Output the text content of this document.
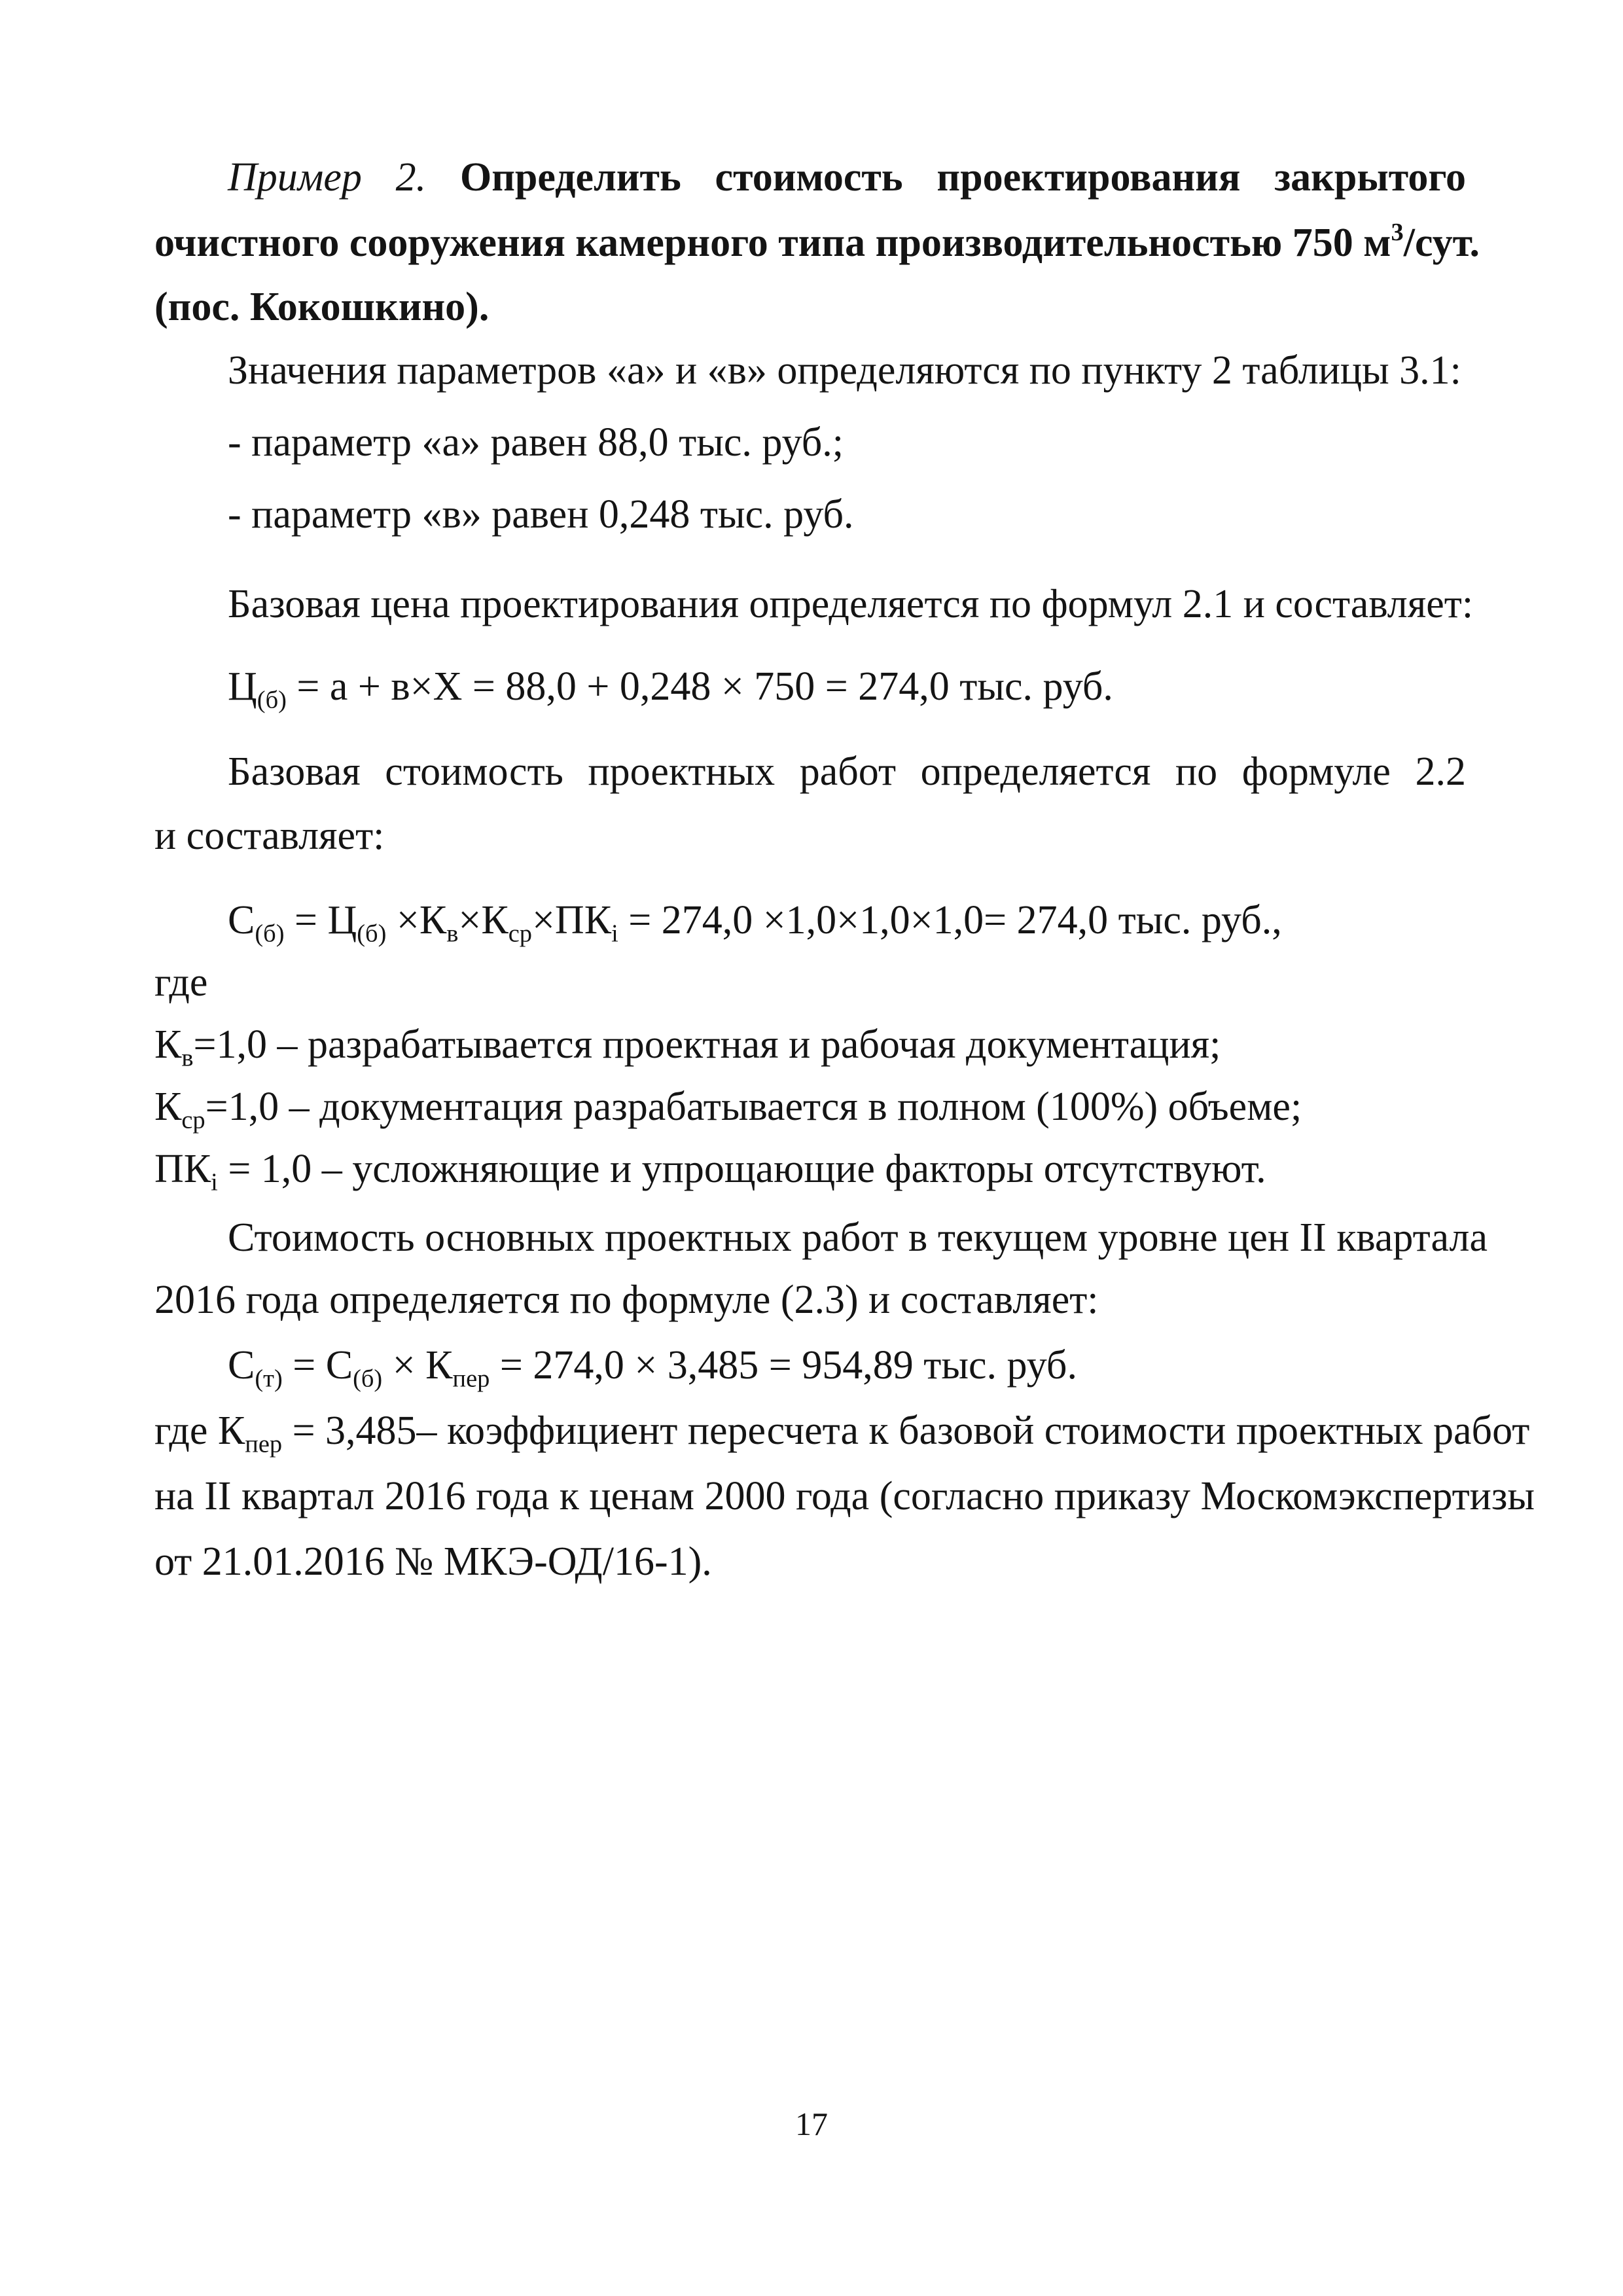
Пример 2. Определить стоимость проектирования закрытого
очистного сооружения камерного типа производительностью 750 $м^3$/сут.
(пос. Кокошкино).
Значения параметров «а» и «в» определяются по пункту 2 таблицы 3.1:
- параметр «а» равен 88,0 тыс. руб.;
- параметр «в» равен 0,248 тыс. руб.
Базовая цена проектирования определяется по формул 2.1 и составляет:
$Ц_{(б)} = а + в\times Х = 88,0 + 0,248 \times 750 = 274,0$ тыс. руб.
Базовая стоимость проектных работ определяется по формуле 2.2
и составляет:
$С_{(б)} = Ц_{(б)} \times К_в\times К_{ср}\times ПК_i = 274,0 \times 1,0\times 1,0\times 1,0= 274,0$ тыс. руб.,
где
$К_в=1,0$ – разрабатывается проектная и рабочая документация;
$К_{ср}=1,0$ – документация разрабатывается в полном (100%) объеме;
$ПК_i = 1,0$ – усложняющие и упрощающие факторы отсутствуют.
Стоимость основных проектных работ в текущем уровне цен II квартала
2016 года определяется по формуле (2.3) и составляет:
$С_{(т)} = С_{(б)} \times К_{пер} = 274,0 \times 3,485 = 954,89$ тыс. руб.
где $К_{пер} = 3,485-$ коэффициент пересчета к базовой стоимости проектных работ
на II квартал 2016 года к ценам 2000 года (согласно приказу Москомэкспертизы
от 21.01.2016 № МКЭ-ОД/16-1).
17
